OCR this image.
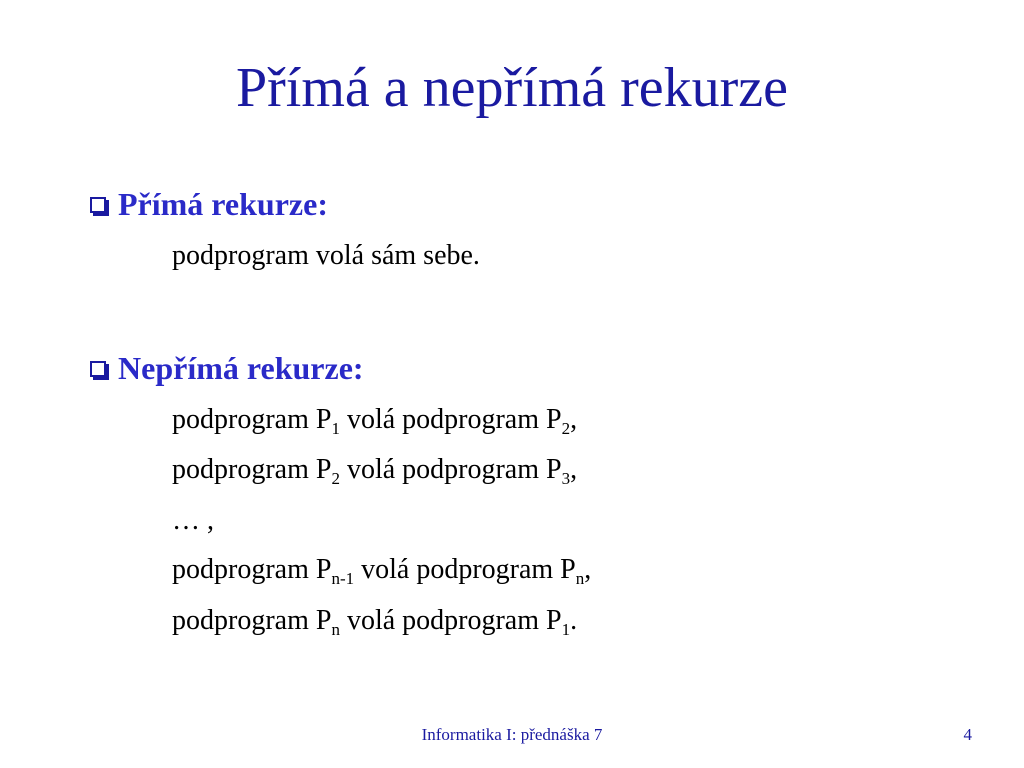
Přímá a nepřímá rekurze
Přímá rekurze:
podprogram volá sám sebe.
Nepřímá rekurze:
podprogram $P_1$ volá podprogram $P_2$,
podprogram $P_2$ volá podprogram $P_3$,
… ,
podprogram $P_{n-1}$ volá podprogram $P_n$,
podprogram $P_n$ volá podprogram $P_1$.
Informatika I: přednáška 7	4
